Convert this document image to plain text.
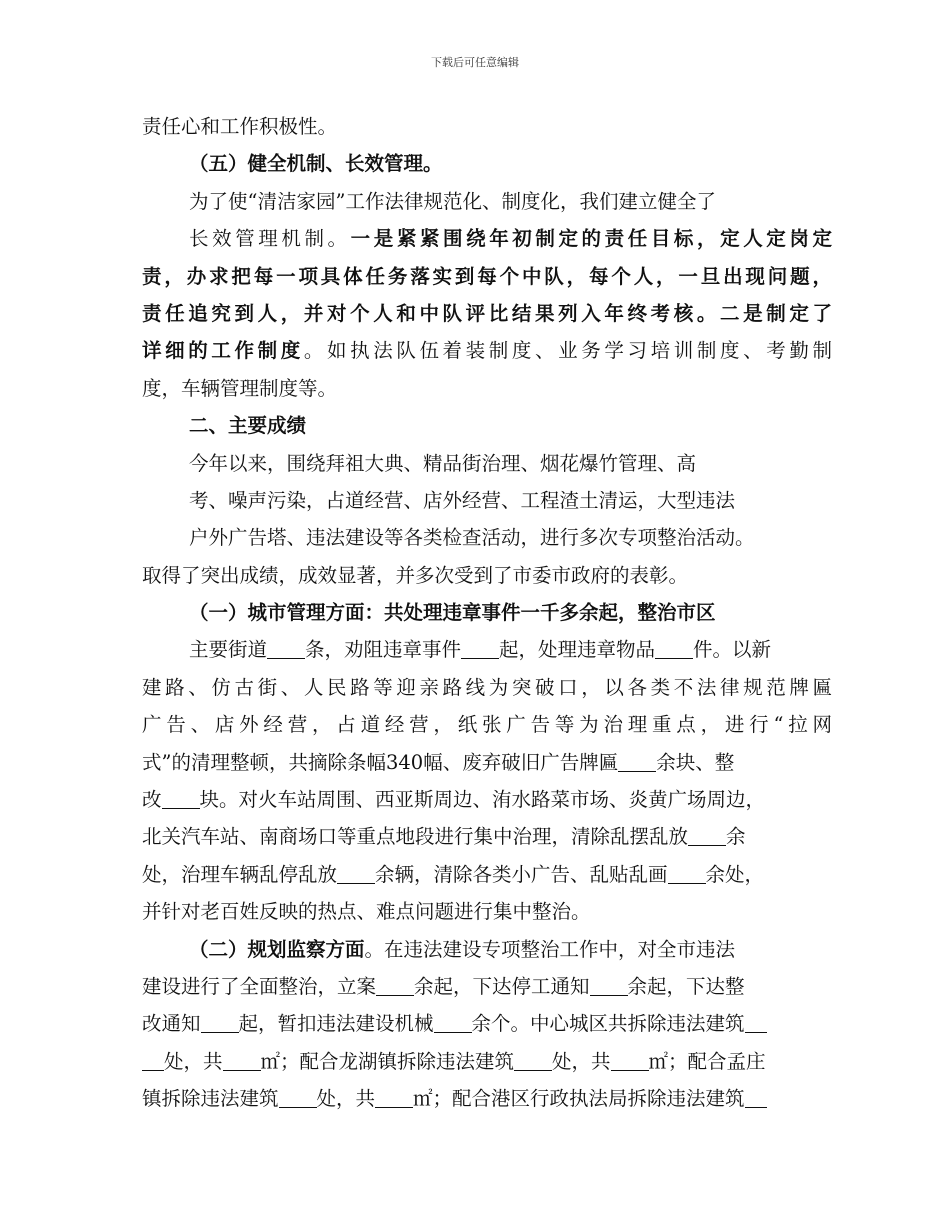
下载后可任意编辑
责任心和工作积极性。
（五）健全机制、长效管理。
为了使“清洁家园”工作法律规范化、制度化，我们建立健全了
长效管理机制。一是紧紧围绕年初制定的责任目标，定人定岗定
责，办求把每一项具体任务落实到每个中队，每个人，一旦出现问题，
责任追究到人，并对个人和中队评比结果列入年终考核。二是制定了
详细的工作制度。如执法队伍着装制度、业务学习培训制度、考勤制
度，车辆管理制度等。
二、主要成绩
今年以来，围绕拜祖大典、精品街治理、烟花爆竹管理、高
考、噪声污染，占道经营、店外经营、工程渣土清运，大型违法
户外广告塔、违法建设等各类检查活动，进行多次专项整治活动。
取得了突出成绩，成效显著，并多次受到了市委市政府的表彰。
（一）城市管理方面：共处理违章事件一千多余起，整治市区
主要街道 条，劝阻违章事件 起，处理违章物品 件。以新
建路、仿古街、人民路等迎亲路线为突破口，以各类不法律规范牌匾
广告、店外经营，占道经营，纸张广告等为治理重点，进行“拉网
式”的清理整顿，共摘除条幅340幅、废弃破旧广告牌匾 余块、整
改 块。对火车站周围、西亚斯周边、洧水路菜市场、炎黄广场周边，
北关汽车站、南商场口等重点地段进行集中治理，清除乱摆乱放 余
处，治理车辆乱停乱放 余辆，清除各类小广告、乱贴乱画 余处，
并针对老百姓反映的热点、难点问题进行集中整治。
（二）规划监察方面。在违法建设专项整治工作中，对全市违法
建设进行了全面整治，立案 余起，下达停工通知 余起，下达整
改通知 起，暂扣违法建设机械 余个。中心城区共拆除违法建筑
处，共 ㎡；配合龙湖镇拆除违法建筑 处，共 ㎡；配合孟庄
镇拆除违法建筑 处，共 ㎡；配合港区行政执法局拆除违法建筑
